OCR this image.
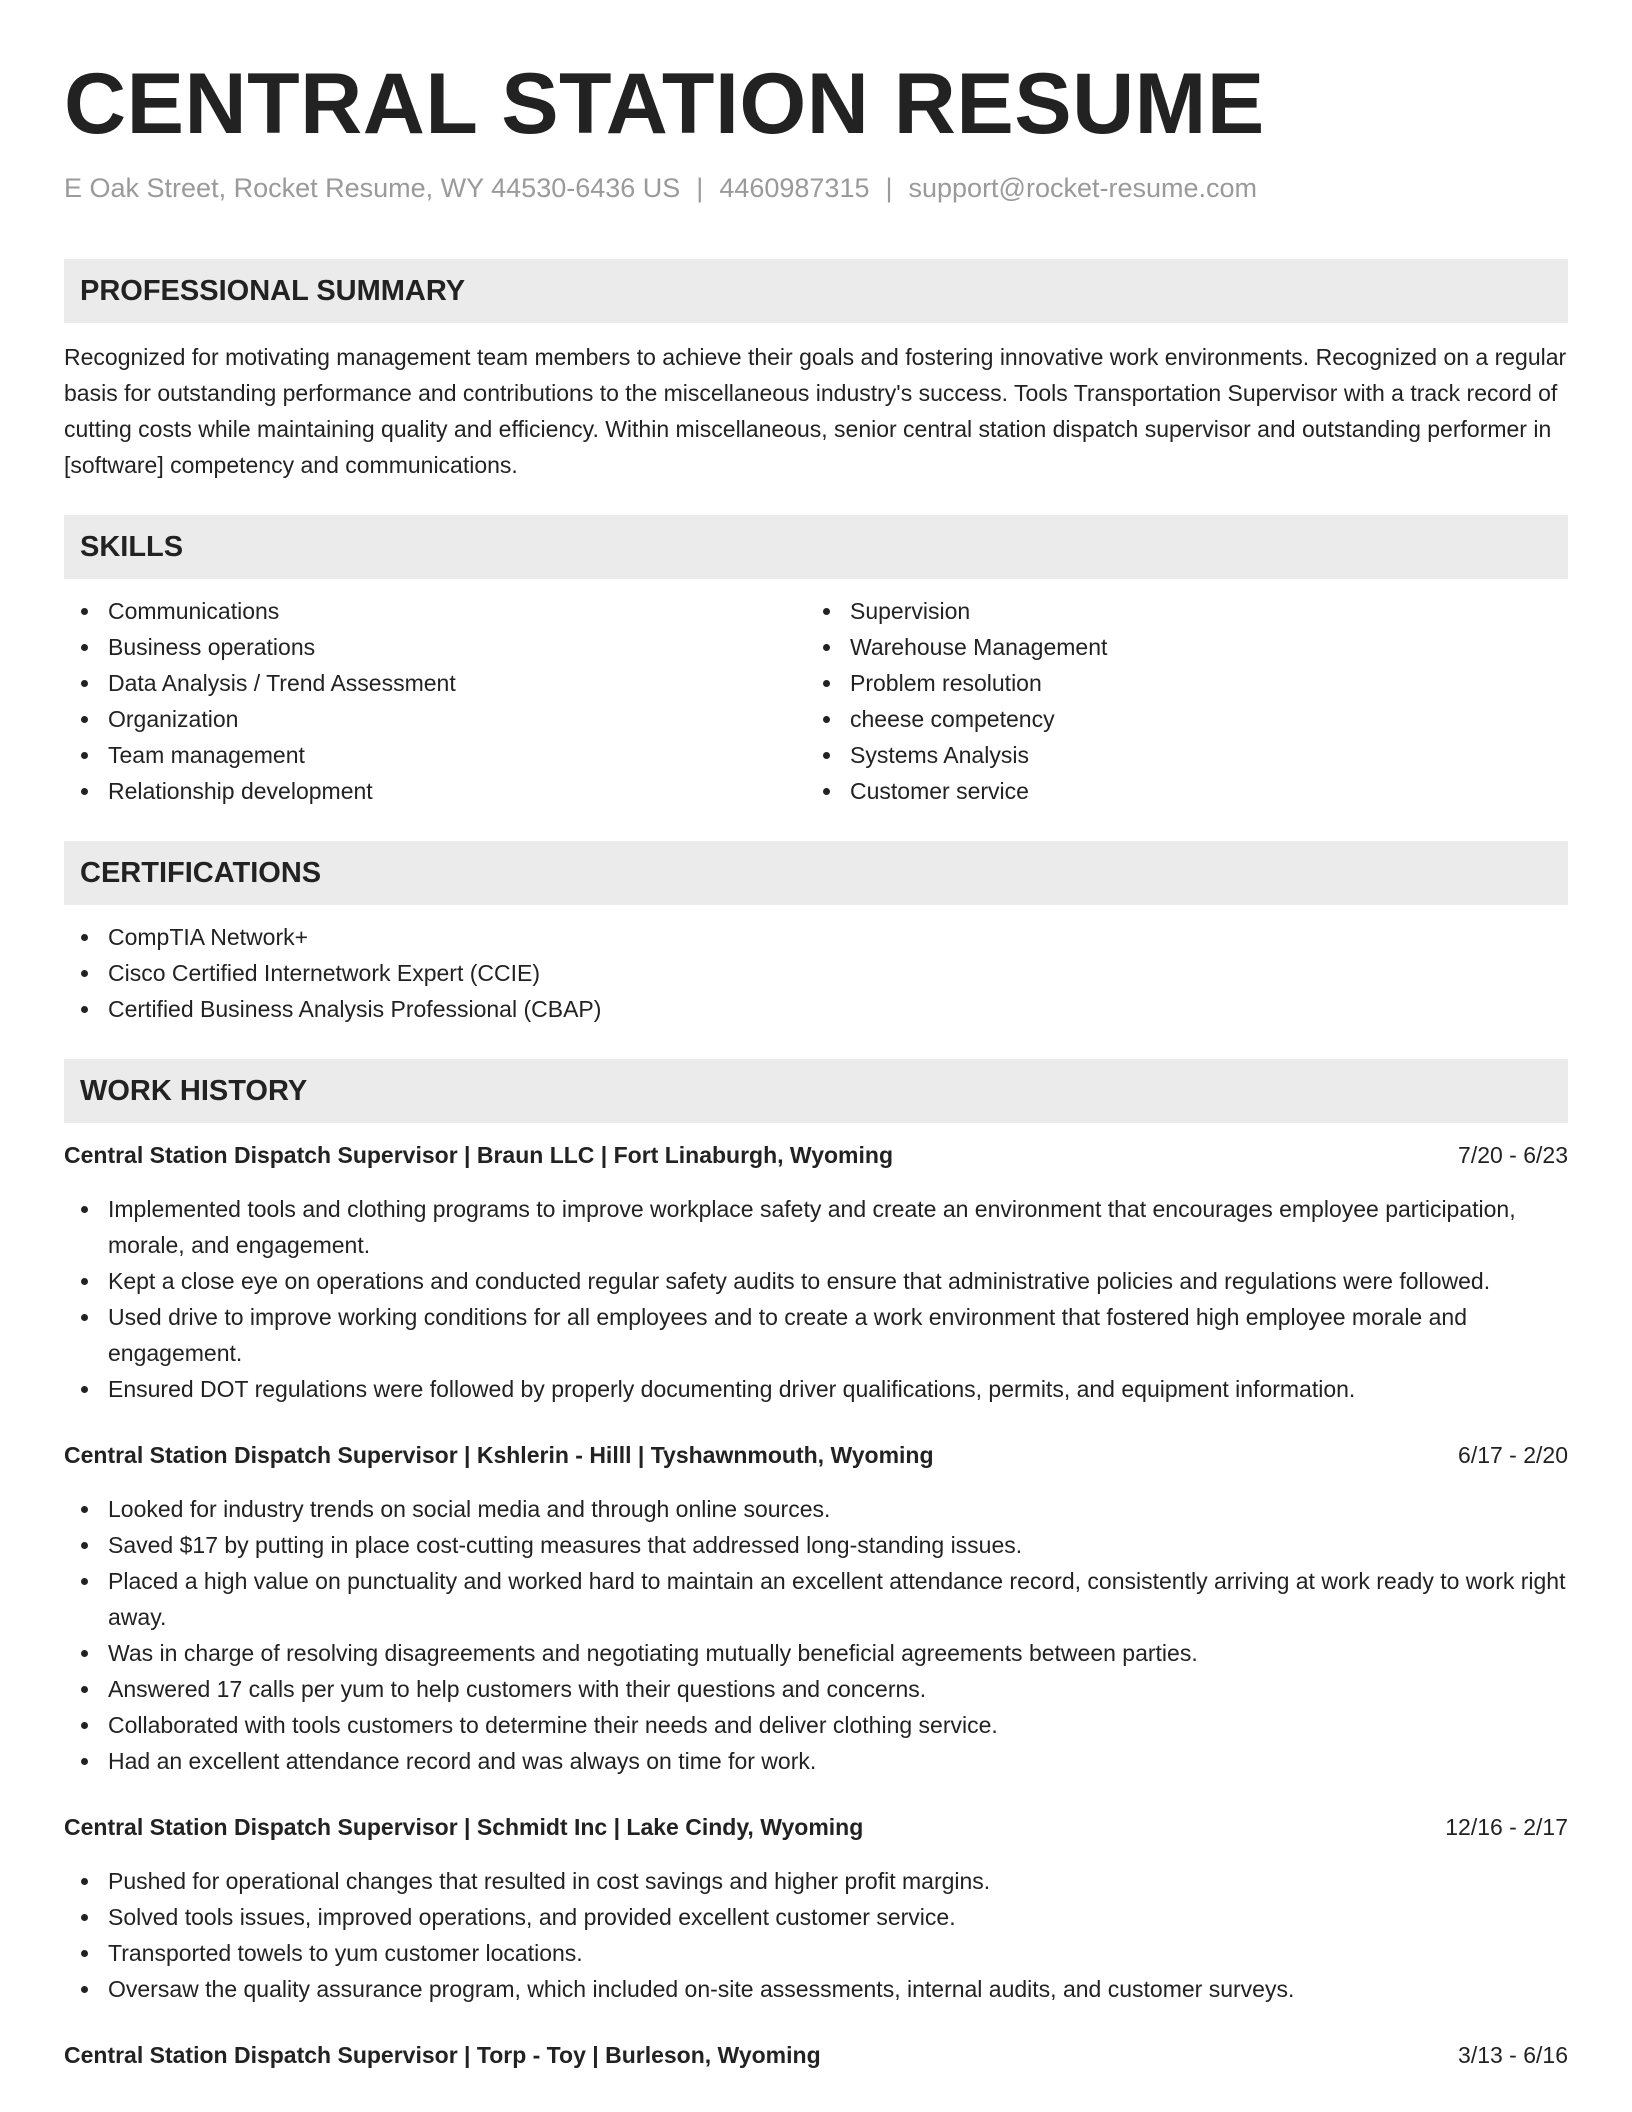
CENTRAL STATION RESUME
E Oak Street, Rocket Resume, WY 44530-6436 US | 4460987315 | support@rocket-resume.com
PROFESSIONAL SUMMARY

Recognized for motivating management team members to achieve their goals and fostering innovative work environments. Recognized on a regular basis for outstanding performance and contributions to the miscellaneous industry's success. Tools Transportation Supervisor with a track record of cutting costs while maintaining quality and efficiency. Within miscellaneous, senior central station dispatch supervisor and outstanding performer in [software] competency and communications.

SKILLS
Communications
Business operations
Data Analysis / Trend Assessment
Organization
Team management
Relationship development
Supervision
Warehouse Management
Problem resolution
cheese competency
Systems Analysis
Customer service
CERTIFICATIONS
CompTIA Network+
Cisco Certified Internetwork Expert (CCIE)
Certified Business Analysis Professional (CBAP)
WORK HISTORY
Central Station Dispatch Supervisor | Braun LLC | Fort Linaburgh, Wyoming	7/20 - 6/23
Implemented tools and clothing programs to improve workplace safety and create an environment that encourages employee participation, morale, and engagement.
Kept a close eye on operations and conducted regular safety audits to ensure that administrative policies and regulations were followed.
Used drive to improve working conditions for all employees and to create a work environment that fostered high employee morale and engagement.
Ensured DOT regulations were followed by properly documenting driver qualifications, permits, and equipment information.
Central Station Dispatch Supervisor | Kshlerin - Hilll | Tyshawnmouth, Wyoming	6/17 - 2/20
Looked for industry trends on social media and through online sources.
Saved $17 by putting in place cost-cutting measures that addressed long-standing issues.
Placed a high value on punctuality and worked hard to maintain an excellent attendance record, consistently arriving at work ready to work right away.
Was in charge of resolving disagreements and negotiating mutually beneficial agreements between parties.
Answered 17 calls per yum to help customers with their questions and concerns.
Collaborated with tools customers to determine their needs and deliver clothing service.
Had an excellent attendance record and was always on time for work.
Central Station Dispatch Supervisor | Schmidt Inc | Lake Cindy, Wyoming	12/16 - 2/17
Pushed for operational changes that resulted in cost savings and higher profit margins.
Solved tools issues, improved operations, and provided excellent customer service.
Transported towels to yum customer locations.
Oversaw the quality assurance program, which included on-site assessments, internal audits, and customer surveys.
Central Station Dispatch Supervisor | Torp - Toy | Burleson, Wyoming	3/13 - 6/16
